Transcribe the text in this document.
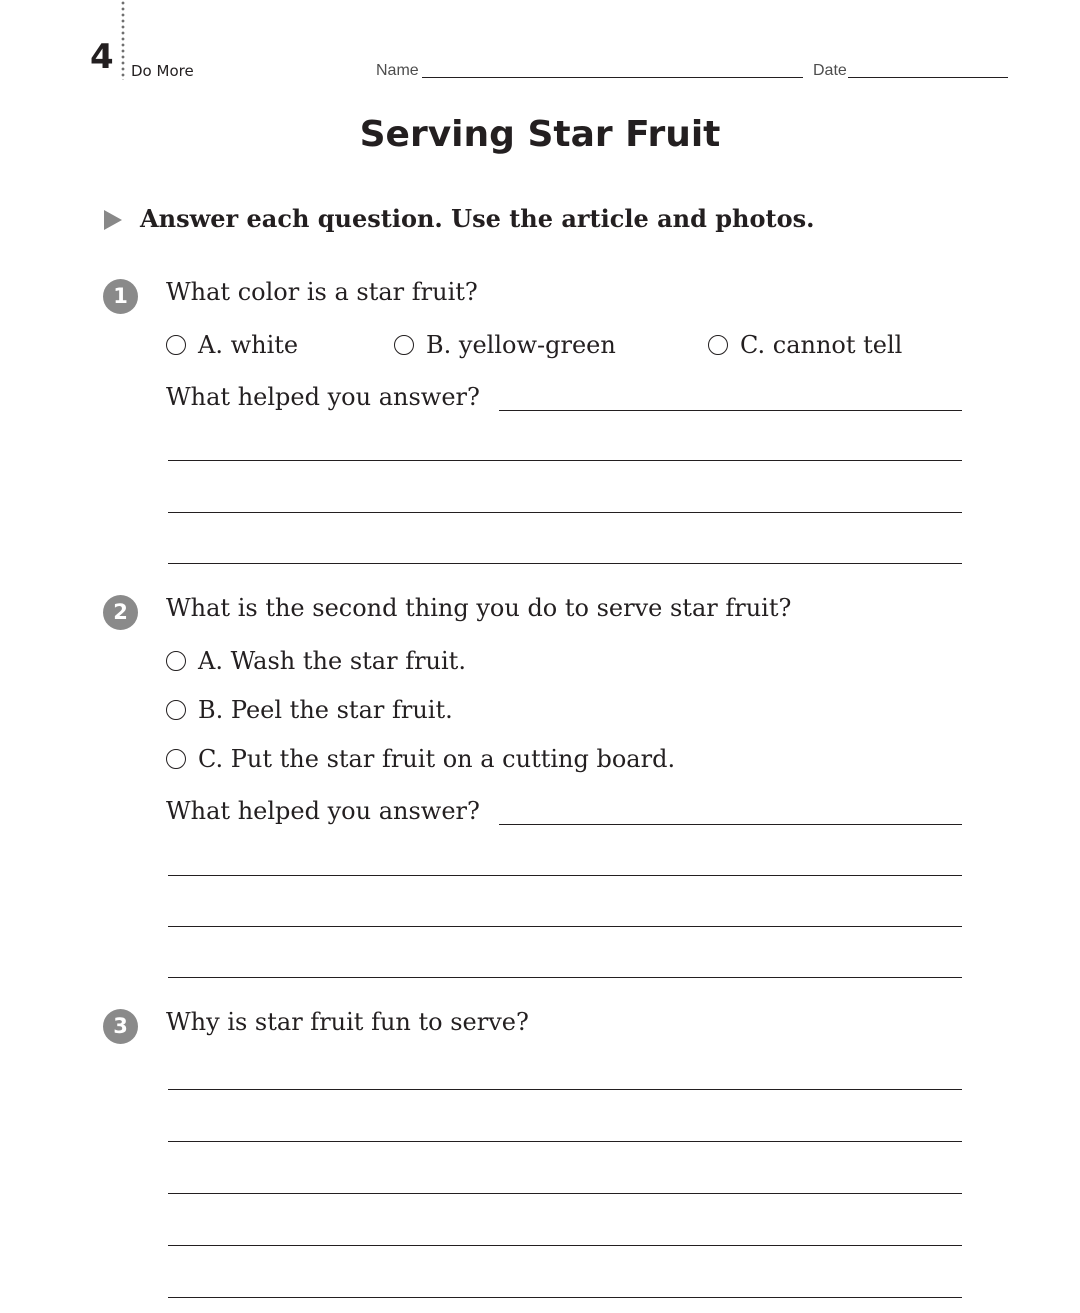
4 Do More	Name	Date
Serving Star Fruit
Answer each question. Use the article and photos.
1	What color is a star fruit?
A. white	B. yellow-green	C. cannot tell
What helped you answer?
2	What is the second thing you do to serve star fruit?
A. Wash the star fruit.
B. Peel the star fruit.
C. Put the star fruit on a cutting board.
What helped you answer?
3	Why is star fruit fun to serve?
